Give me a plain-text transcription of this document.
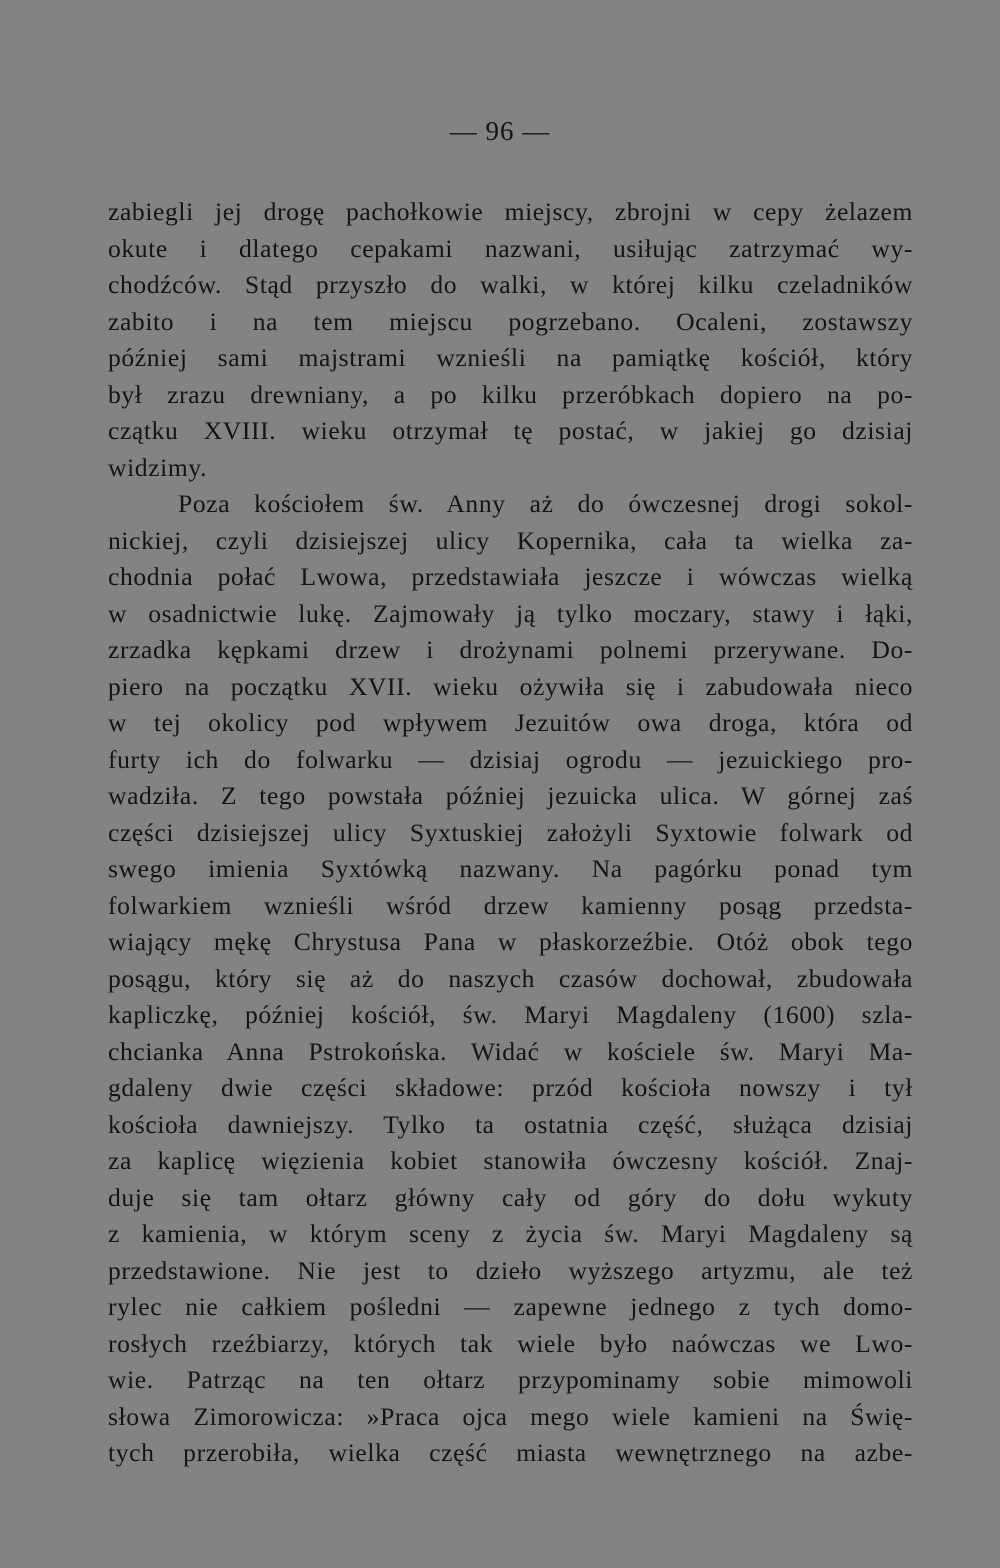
— 96 —
zabiegli jej drogę pachołkowie miejscy, zbrojni w cepy żelazem
okute i dlatego cepakami nazwani, usiłując zatrzymać wy-
chodźców. Stąd przyszło do walki, w której kilku czeladników
zabito i na tem miejscu pogrzebano. Ocaleni, zostawszy
później sami majstrami wznieśli na pamiątkę kościół, który
był zrazu drewniany, a po kilku przeróbkach dopiero na po-
czątku XVIII. wieku otrzymał tę postać, w jakiej go dzisiaj
widzimy.
Poza kościołem św. Anny aż do ówczesnej drogi sokol-
nickiej, czyli dzisiejszej ulicy Kopernika, cała ta wielka za-
chodnia połać Lwowa, przedstawiała jeszcze i wówczas wielką
w osadnictwie lukę. Zajmowały ją tylko moczary, stawy i łąki,
zrzadka kępkami drzew i drożynami polnemi przerywane. Do-
piero na początku XVII. wieku ożywiła się i zabudowała nieco
w tej okolicy pod wpływem Jezuitów owa droga, która od
furty ich do folwarku — dzisiaj ogrodu — jezuickiego pro-
wadziła. Z tego powstała później jezuicka ulica. W górnej zaś
części dzisiejszej ulicy Syxtuskiej założyli Syxtowie folwark od
swego imienia Syxtówką nazwany. Na pagórku ponad tym
folwarkiem wznieśli wśród drzew kamienny posąg przedsta-
wiający mękę Chrystusa Pana w płaskorzeźbie. Otóż obok tego
posągu, który się aż do naszych czasów dochował, zbudowała
kapliczkę, później kościół, św. Maryi Magdaleny (1600) szla-
chcianka Anna Pstrokońska. Widać w kościele św. Maryi Ma-
gdaleny dwie części składowe: przód kościoła nowszy i tył
kościoła dawniejszy. Tylko ta ostatnia część, służąca dzisiaj
za kaplicę więzienia kobiet stanowiła ówczesny kościół. Znaj-
duje się tam ołtarz główny cały od góry do dołu wykuty
z kamienia, w którym sceny z życia św. Maryi Magdaleny są
przedstawione. Nie jest to dzieło wyższego artyzmu, ale też
rylec nie całkiem pośledni — zapewne jednego z tych domo-
rosłych rzeźbiarzy, których tak wiele było naówczas we Lwo-
wie. Patrząc na ten ołtarz przypominamy sobie mimowoli
słowa Zimorowicza: »Praca ojca mego wiele kamieni na Świę-
tych przerobiła, wielka część miasta wewnętrznego na azbe-
